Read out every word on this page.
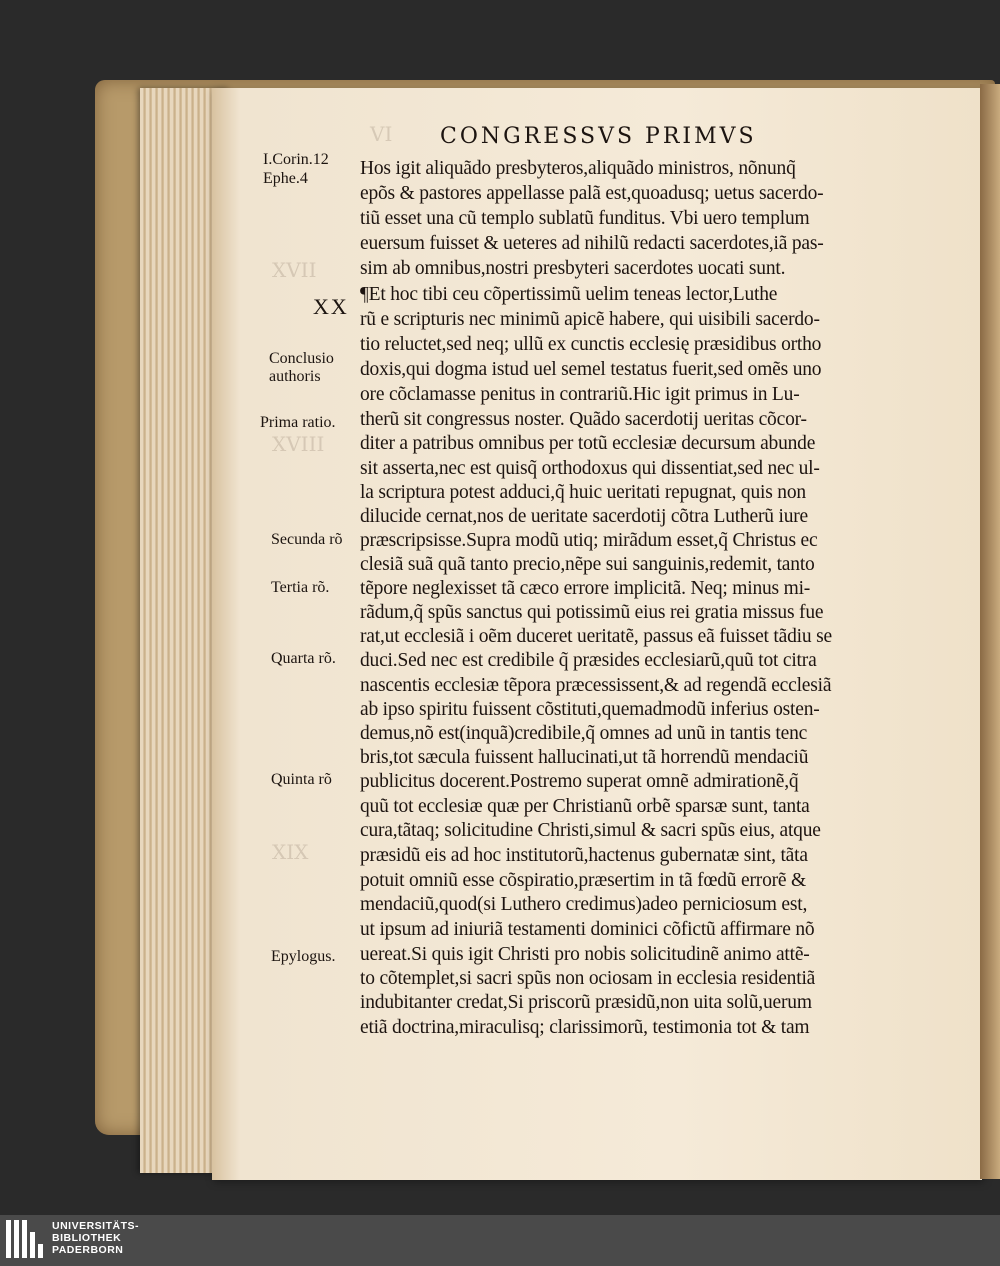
VI
XVII
XVIII
XIX
CONGRESSVS PRIMVS
XX
I.Corin.12
Ephe.4
Conclusio
authoris
Prima ratio.
Secunda rõ
Tertia rõ.
Quarta rõ.
Quinta rõ
Epylogus.
Hos igit aliquãdo presbyteros,aliquãdo ministros, nõnunq̃
epõs & pastores appellasse palã est,quoadusq; uetus sacerdo-
tiũ esset una cũ templo sublatũ funditus. Vbi uero templum
euersum fuisset & ueteres ad nihilũ redacti sacerdotes,iã pas-
sim ab omnibus,nostri presbyteri sacerdotes uocati sunt.
¶Et hoc tibi ceu cõpertissimũ uelim teneas lector,Luthe
rũ e scripturis nec minimũ apicẽ habere, qui uisibili sacerdo-
tio reluctet,sed neq; ullũ ex cunctis ecclesię præsidibus ortho
doxis,qui dogma istud uel semel testatus fuerit,sed omẽs uno
ore cõclamasse penitus in contrariũ.Hic igit primus in Lu-
therũ sit congressus noster. Quãdo sacerdotij ueritas cõcor-
diter a patribus omnibus per totũ ecclesiæ decursum abunde
sit asserta,nec est quisq̃ orthodoxus qui dissentiat,sed nec ul-
la scriptura potest adduci,q̃ huic ueritati repugnat, quis non
dilucide cernat,nos de ueritate sacerdotij cõtra Lutherũ iure
præscripsisse.Supra modũ utiq; mirãdum esset,q̃ Christus ec
clesiã suã quã tanto precio,nẽpe sui sanguinis,redemit, tanto
tẽpore neglexisset tã cæco errore implicitã. Neq; minus mi-
rãdum,q̃ spũs sanctus qui potissimũ eius rei gratia missus fue
rat,ut ecclesiã i oẽm duceret ueritatẽ, passus eã fuisset tãdiu se
duci.Sed nec est credibile q̃ præsides ecclesiarũ,quũ tot citra
nascentis ecclesiæ tẽpora præcessissent,& ad regendã ecclesiã
ab ipso spiritu fuissent cõstituti,quemadmodũ inferius osten-
demus,nõ est(inquã)credibile,q̃ omnes ad unũ in tantis tenc
bris,tot sæcula fuissent hallucinati,ut tã horrendũ mendaciũ
publicitus docerent.Postremo superat omnẽ admirationẽ,q̃
quũ tot ecclesiæ quæ per Christianũ orbẽ sparsæ sunt, tanta
cura,tãtaq; solicitudine Christi,simul & sacri spũs eius, atque
præsidũ eis ad hoc institutorũ,hactenus gubernatæ sint, tãta
potuit omniũ esse cõspiratio,præsertim in tã fœdũ errorẽ &
mendaciũ,quod(si Luthero credimus)adeo perniciosum est,
ut ipsum ad iniuriã testamenti dominici cõfictũ affirmare nõ
uereat.Si quis igit Christi pro nobis solicitudinẽ animo attẽ-
to cõtemplet,si sacri spũs non ociosam in ecclesia residentiã
indubitanter credat,Si priscorũ præsidũ,non uita solũ,uerum
etiã doctrina,miraculisq; clarissimorũ, testimonia tot & tam
UNIVERSITÄTS-
BIBLIOTHEK
PADERBORN
